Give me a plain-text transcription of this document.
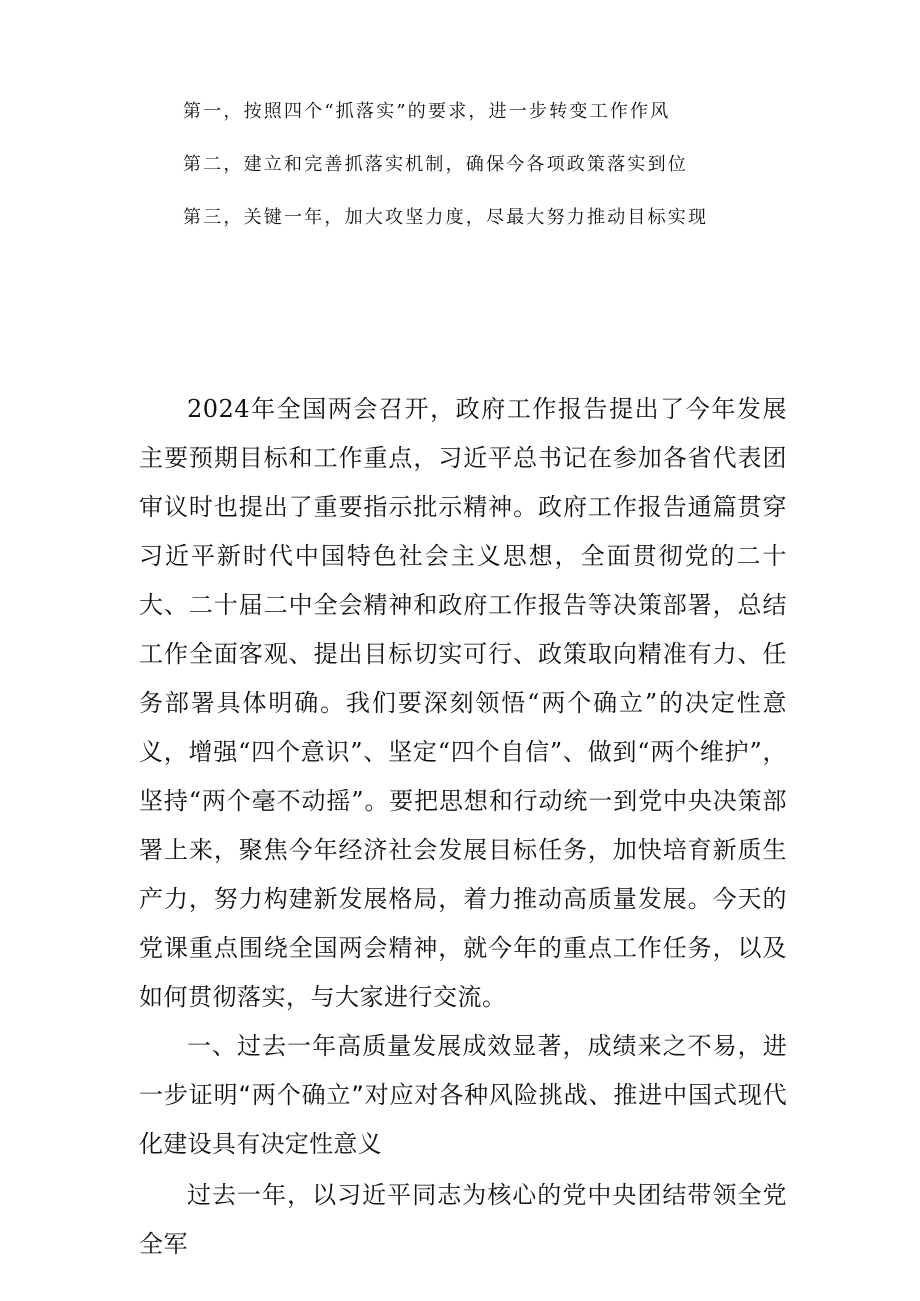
第一，按照四个“抓落实”的要求，进一步转变工作作风
第二，建立和完善抓落实机制，确保今各项政策落实到位
第三，关键一年，加大攻坚力度，尽最大努力推动目标实现

2024年全国两会召开，政府工作报告提出了今年发展主要预期目标和工作重点，习近平总书记在参加各省代表团审议时也提出了重要指示批示精神。政府工作报告通篇贯穿习近平新时代中国特色社会主义思想，全面贯彻党的二十大、二十届二中全会精神和政府工作报告等决策部署，总结工作全面客观、提出目标切实可行、政策取向精准有力、任务部署具体明确。我们要深刻领悟“两个确立”的决定性意义，增强“四个意识”、坚定“四个自信”、做到“两个维护”，坚持“两个毫不动摇”。要把思想和行动统一到党中央决策部署上来，聚焦今年经济社会发展目标任务，加快培育新质生产力，努力构建新发展格局，着力推动高质量发展。今天的党课重点围绕全国两会精神，就今年的重点工作任务，以及如何贯彻落实，与大家进行交流。

一、过去一年高质量发展成效显著，成绩来之不易，进一步证明“两个确立”对应对各种风险挑战、推进中国式现代化建设具有决定性意义

过去一年，以习近平同志为核心的党中央团结带领全党全军
